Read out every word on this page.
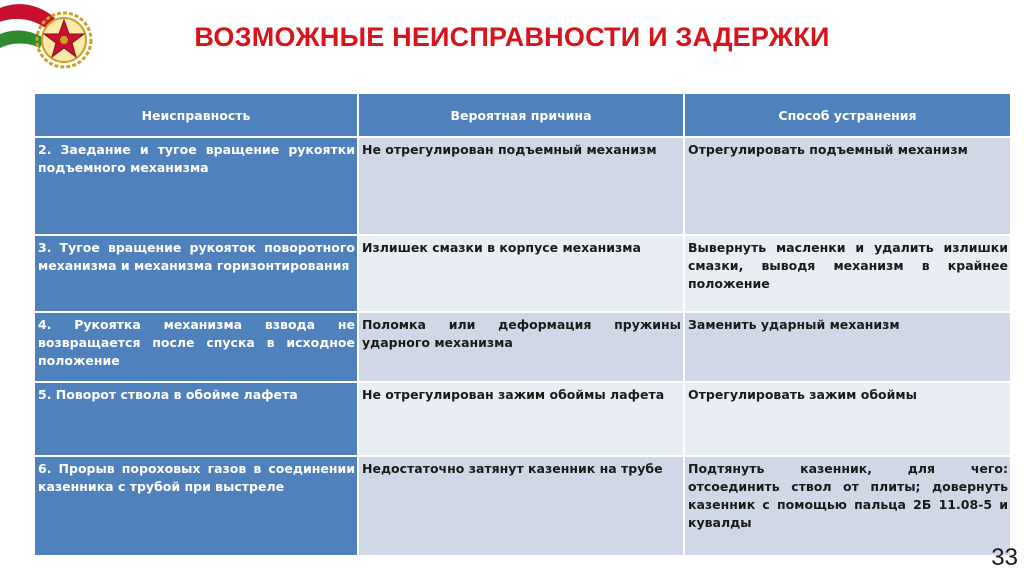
ВОЗМОЖНЫЕ НЕИСПРАВНОСТИ И ЗАДЕРЖКИ
Неисправность	Вероятная причина	Способ устранения
2. Заедание и тугое вращение рукоятки подъемного механизма	Не отрегулирован подъемный механизм	Отрегулировать подъемный механизм
3. Тугое вращение рукояток поворотного механизма и механизма горизонтирования	Излишек смазки в корпусе механизма	Вывернуть масленки и удалить излишки смазки, выводя механизм в крайнее положение
4. Рукоятка механизма взвода не возвращается после спуска в исходное положение	Поломка или деформация пружины ударного механизма	Заменить ударный механизм
5. Поворот ствола в обойме лафета	Не отрегулирован зажим обоймы лафета	Отрегулировать зажим обоймы
6. Прорыв пороховых газов в соединении казенника с трубой при выстреле	Недостаточно затянут казенник на трубе	Подтянуть казенник, для чего: отсоединить ствол от плиты; довернуть казенник с помощью пальца 2Б 11.08-5 и кувалды
33
